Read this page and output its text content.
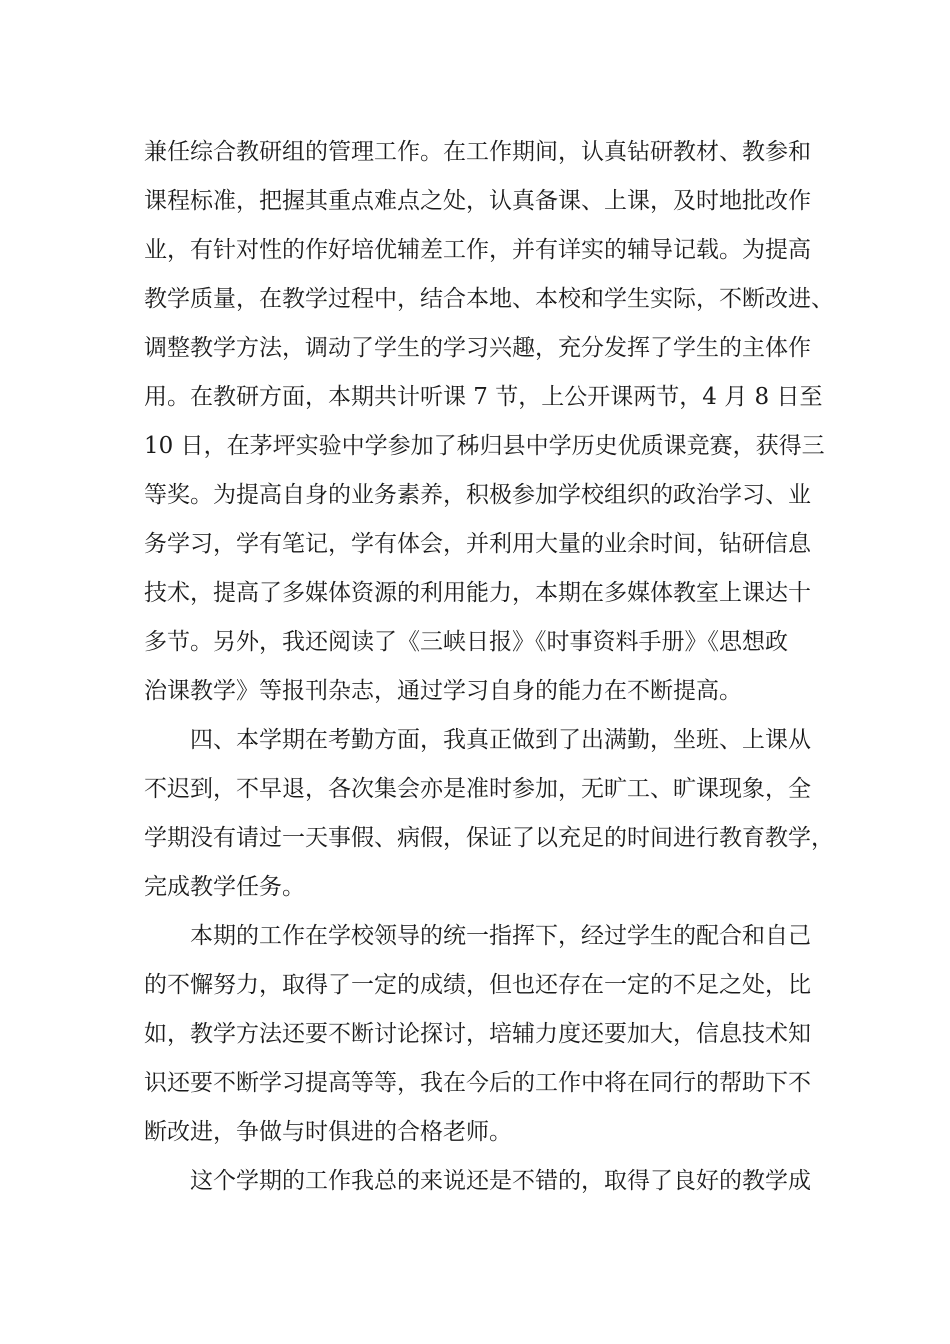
兼任综合教研组的管理工作。在工作期间，认真钻研教材、教参和
课程标准，把握其重点难点之处，认真备课、上课，及时地批改作
业，有针对性的作好培优辅差工作，并有详实的辅导记载。为提高
教学质量，在教学过程中，结合本地、本校和学生实际，不断改进、
调整教学方法，调动了学生的学习兴趣，充分发挥了学生的主体作
用。在教研方面，本期共计听课 7 节，上公开课两节，4 月 8 日至
10 日，在茅坪实验中学参加了秭归县中学历史优质课竞赛，获得三
等奖。为提高自身的业务素养，积极参加学校组织的政治学习、业
务学习，学有笔记，学有体会，并利用大量的业余时间，钻研信息
技术，提高了多媒体资源的利用能力，本期在多媒体教室上课达十
多节。另外，我还阅读了《三峡日报》《时事资料手册》《思想政
治课教学》等报刊杂志，通过学习自身的能力在不断提高。
四、本学期在考勤方面，我真正做到了出满勤，坐班、上课从
不迟到，不早退，各次集会亦是准时参加，无旷工、旷课现象，全
学期没有请过一天事假、病假，保证了以充足的时间进行教育教学，
完成教学任务。
本期的工作在学校领导的统一指挥下，经过学生的配合和自己
的不懈努力，取得了一定的成绩，但也还存在一定的不足之处，比
如，教学方法还要不断讨论探讨，培辅力度还要加大，信息技术知
识还要不断学习提高等等，我在今后的工作中将在同行的帮助下不
断改进，争做与时俱进的合格老师。
这个学期的工作我总的来说还是不错的，取得了良好的教学成
